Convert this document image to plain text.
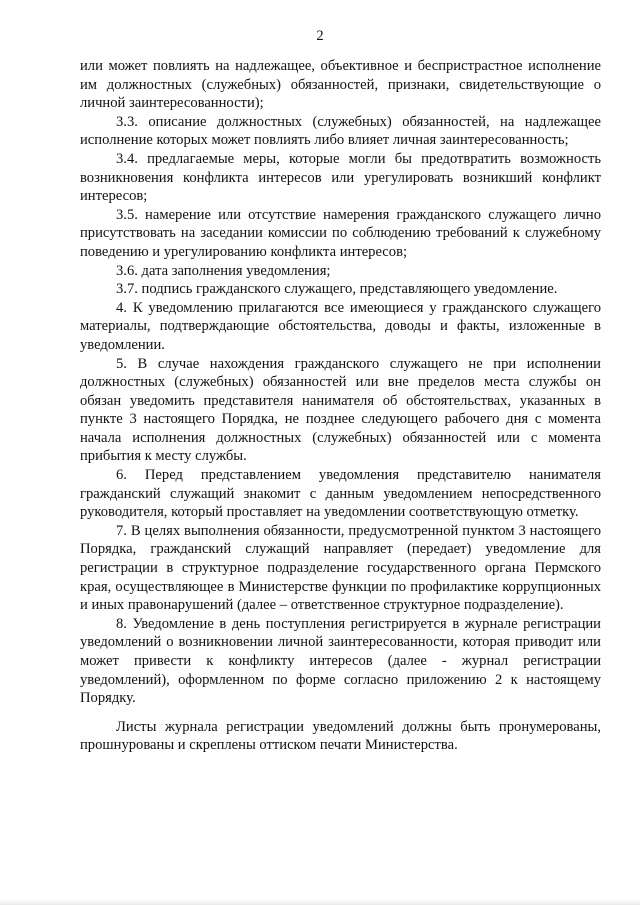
2

или может повлиять на надлежащее, объективное и беспристрастное исполнение им должностных (служебных) обязанностей, признаки, свидетельствующие о личной заинтересованности);

3.3. описание должностных (служебных) обязанностей, на надлежащее исполнение которых может повлиять либо влияет личная заинтересованность;

3.4. предлагаемые меры, которые могли бы предотвратить возможность возникновения конфликта интересов или урегулировать возникший конфликт интересов;

3.5. намерение или отсутствие намерения гражданского служащего лично присутствовать на заседании комиссии по соблюдению требований к служебному поведению и урегулированию конфликта интересов;

3.6. дата заполнения уведомления;

3.7. подпись гражданского служащего, представляющего уведомление.

4. К уведомлению прилагаются все имеющиеся у гражданского служащего материалы, подтверждающие обстоятельства, доводы и факты, изложенные в уведомлении.

5. В случае нахождения гражданского служащего не при исполнении должностных (служебных) обязанностей или вне пределов места службы он обязан уведомить представителя нанимателя об обстоятельствах, указанных в пункте 3 настоящего Порядка, не позднее следующего рабочего дня с момента начала исполнения должностных (служебных) обязанностей или с момента прибытия к месту службы.

6. Перед представлением уведомления представителю нанимателя гражданский служащий знакомит с данным уведомлением непосредственного руководителя, который проставляет на уведомлении соответствующую отметку.

7. В целях выполнения обязанности, предусмотренной пунктом 3 настоящего Порядка, гражданский служащий направляет (передает) уведомление для регистрации в структурное подразделение государственного органа Пермского края, осуществляющее в Министерстве функции по профилактике коррупционных и иных правонарушений (далее – ответственное структурное подразделение).

8. Уведомление в день поступления регистрируется в журнале регистрации уведомлений о возникновении личной заинтересованности, которая приводит или может привести к конфликту интересов (далее - журнал регистрации уведомлений), оформленном по форме согласно приложению 2 к настоящему Порядку.

Листы журнала регистрации уведомлений должны быть пронумерованы, прошнурованы и скреплены оттиском печати Министерства.
